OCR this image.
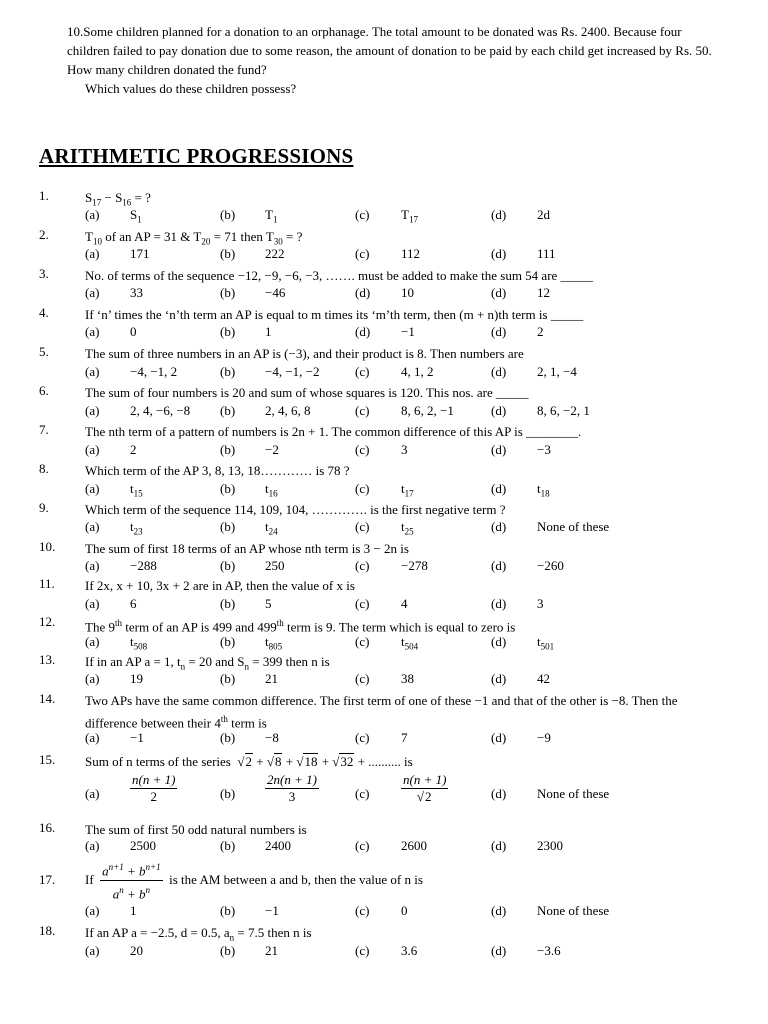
10.Some children planned for a donation to an orphanage. The total amount to be donated was Rs. 2400. Because four children failed to pay donation due to some reason, the amount of donation to be paid by each child get increased by Rs. 50. How many children donated the fund?
Which values do these children possess?
ARITHMETIC PROGRESSIONS
1.	$S_{17} - S_{16}$ = ?
(a) $S_1$	(b) $T_1$	(c) $T_{17}$	(d) 2d
2.	$T_{10}$ of an AP = 31 & $T_{20} = 71$ then $T_{30}$ = ?
(a) 171	(b) 222	(c) 112	(d) 111
3.	No. of terms of the sequence −12, −9, −6, −3, ……. must be added to make the sum 54 are _____
(a) 33	(b) −46	(d) 10	(d) 12
4.	If ‘n’ times the ‘n’th term an AP is equal to m times its ‘m’th term, then (m + n)th term is _____
(a) 0	(b) 1	(d) −1	(d) 2
5.	The sum of three numbers in an AP is (−3), and their product is 8. Then numbers are
(a) −4, −1, 2	(b) −4, −1, −2	(c) 4, 1, 2	(d) 2, 1, −4
6.	The sum of four numbers is 20 and sum of whose squares is 120. This nos. are _____
(a) 2, 4, −6, −8 (b) 2, 4, 6, 8	(c) 8, 6, 2, −1	(d) 8, 6, −2, 1
7.	The nth term of a pattern of numbers is 2n + 1. The common difference of this AP is ________.
(a) 2	(b) −2	(c) 3	(d) −3
8.	Which term of the AP 3, 8, 13, 18………… is 78 ?
(a) $t_{15}$	(b) $t_{16}$	(c) $t_{17}$	(d) $t_{18}$
9.	Which term of the sequence 114, 109, 104, …………. is the first negative term ?
(a) $t_{23}$	(b) $t_{24}$	(c) $t_{25}$	(d) None of these
10. The sum of first 18 terms of an AP whose nth term is 3 − 2n is
(a) −288	(b) 250	(c) −278	(d) −260
11. If 2x, x + 10, 3x + 2 are in AP, then the value of x is
(a) 6	(b) 5	(c) 4	(d) 3
12. The 9th term of an AP is 499 and 499th term is 9. The term which is equal to zero is
(a) $t_{508}$	(b) $t_{805}$	(c) $t_{504}$	(d) $t_{501}$
13. If in an AP a = 1, $t_n = 20$ and $S_n = 399$ then n is
(a) 19	(b) 21	(c) 38	(d) 42
14. Two APs have the same common difference. The first term of one of these −1 and that of the other is −8. Then the
difference between their 4th term is
(a) −1	(b) −8	(c) 7	(d) −9
15. Sum of n terms of the series  √2 + √8 + √18 + √32 + .......... is
$(a) \frac{n(n + 1)}{2}$	$(b) \frac{2n(n + 1)}{3}$	$(c) \frac{n(n + 1)}{√2}$	(d) None of these
16. The sum of first 50 odd natural numbers is
(a) 2500	(b) 2400	(c) 2600	(d) 2300
17. If $\frac{a^{n+1} + b^{n+1}}{a^n + b^n}$ is the AM between a and b, then the value of n is
(a) 1	(b) −1	(c) 0	(d) None of these
18. If an AP a = −2.5, d = 0.5, $a_n = 7.5$ then n is
(a) 20	(b) 21	(c) 3.6	(d) −3.6
